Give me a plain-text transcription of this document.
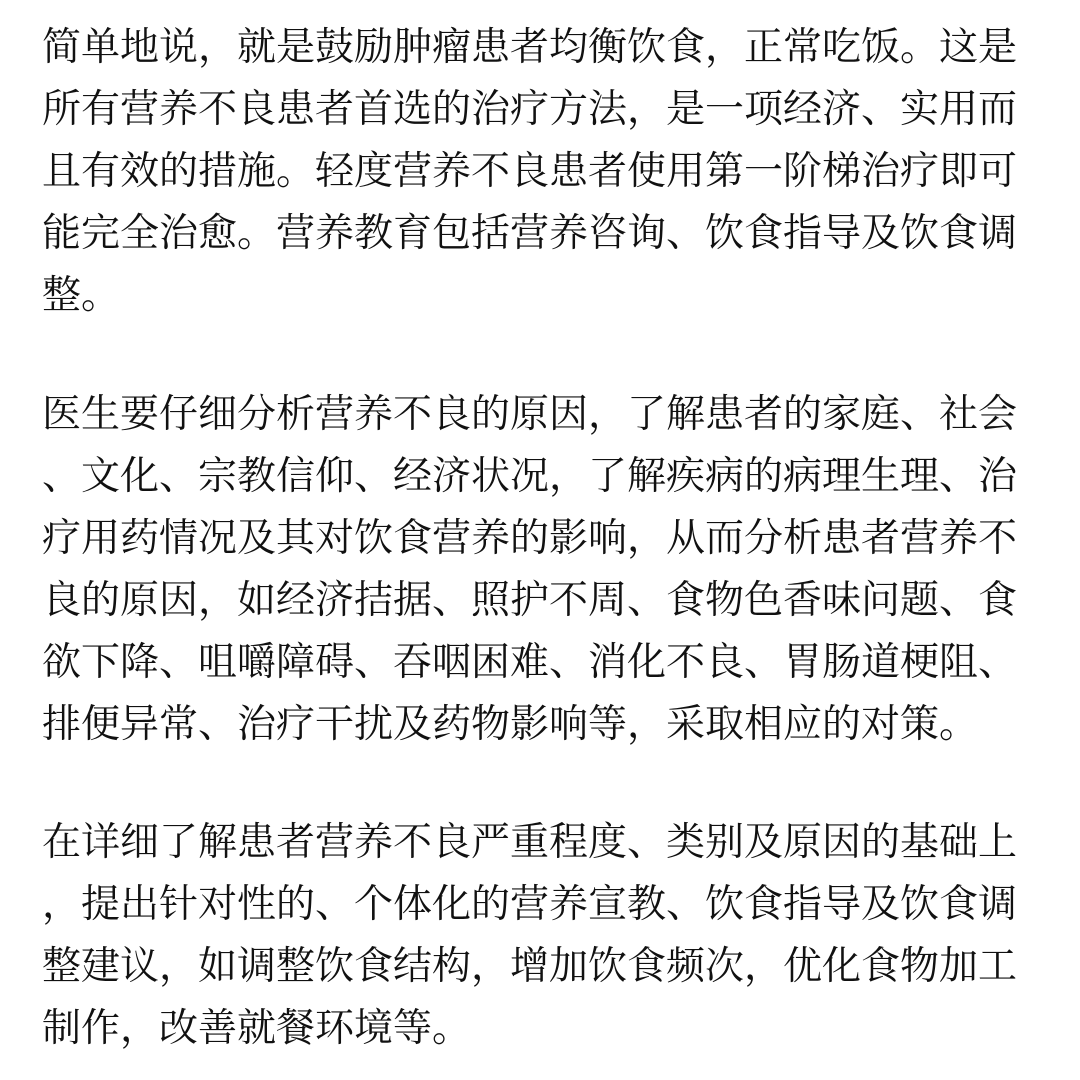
简单地说，就是鼓励肿瘤患者均衡饮食，正常吃饭。这是
所有营养不良患者首选的治疗方法，是一项经济、实用而
且有效的措施。轻度营养不良患者使用第一阶梯治疗即可
能完全治愈。营养教育包括营养咨询、饮食指导及饮食调
整。
医生要仔细分析营养不良的原因，了解患者的家庭、社会
、文化、宗教信仰、经济状况，了解疾病的病理生理、治
疗用药情况及其对饮食营养的影响，从而分析患者营养不
良的原因，如经济拮据、照护不周、食物色香味问题、食
欲下降、咀嚼障碍、吞咽困难、消化不良、胃肠道梗阻、
排便异常、治疗干扰及药物影响等，采取相应的对策。
在详细了解患者营养不良严重程度、类别及原因的基础上
，提出针对性的、个体化的营养宣教、饮食指导及饮食调
整建议，如调整饮食结构，增加饮食频次，优化食物加工
制作，改善就餐环境等。
